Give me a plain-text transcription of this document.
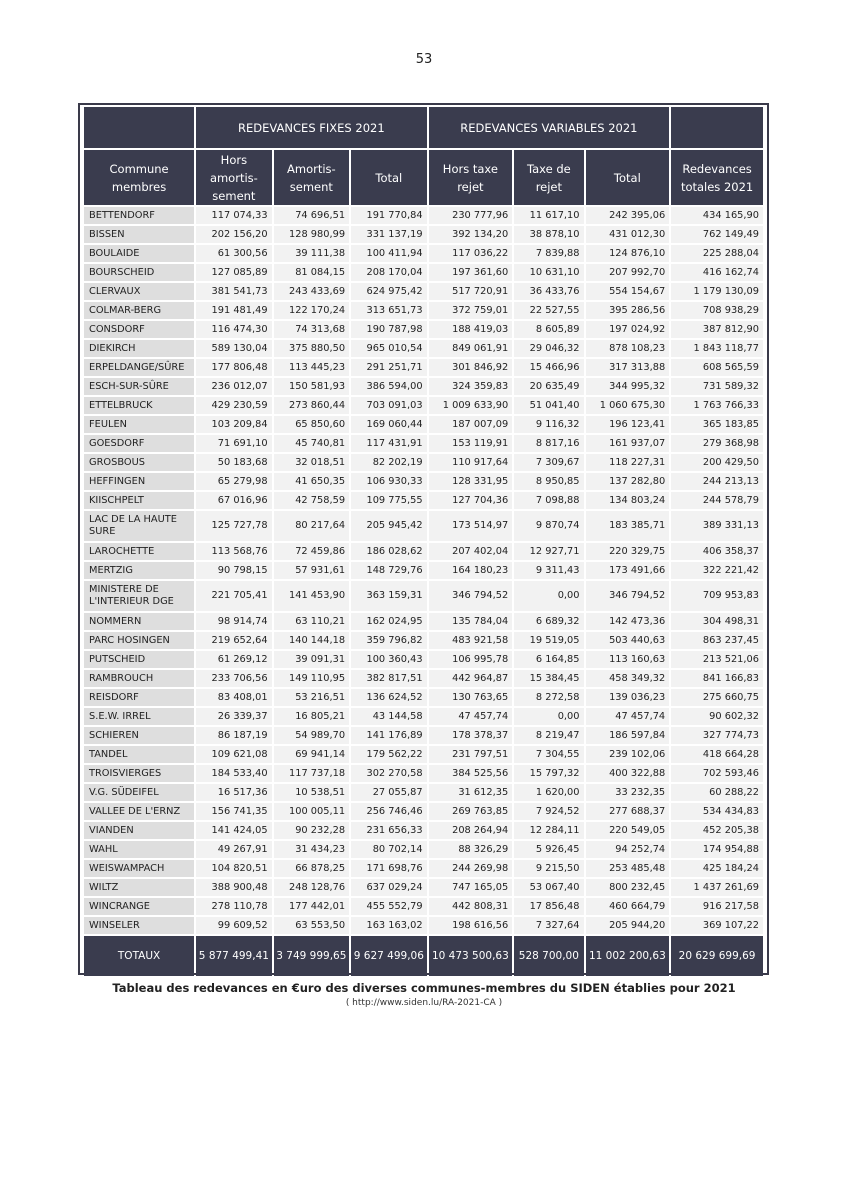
53
	REDEVANCES FIXES 2021			REDEVANCES VARIABLES 2021			
Commune membres	Hors amortis-sement	Amortis-sement	Total	Hors taxe rejet	Taxe de rejet	Total	Redevances totales 2021
BETTENDORF	117 074,33	74 696,51	191 770,84	230 777,96	11 617,10	242 395,06	434 165,90
BISSEN	202 156,20	128 980,99	331 137,19	392 134,20	38 878,10	431 012,30	762 149,49
BOULAIDE	61 300,56	39 111,38	100 411,94	117 036,22	7 839,88	124 876,10	225 288,04
BOURSCHEID	127 085,89	81 084,15	208 170,04	197 361,60	10 631,10	207 992,70	416 162,74
CLERVAUX	381 541,73	243 433,69	624 975,42	517 720,91	36 433,76	554 154,67	1 179 130,09
COLMAR-BERG	191 481,49	122 170,24	313 651,73	372 759,01	22 527,55	395 286,56	708 938,29
CONSDORF	116 474,30	74 313,68	190 787,98	188 419,03	8 605,89	197 024,92	387 812,90
DIEKIRCH	589 130,04	375 880,50	965 010,54	849 061,91	29 046,32	878 108,23	1 843 118,77
ERPELDANGE/SÛRE	177 806,48	113 445,23	291 251,71	301 846,92	15 466,96	317 313,88	608 565,59
ESCH-SUR-SÛRE	236 012,07	150 581,93	386 594,00	324 359,83	20 635,49	344 995,32	731 589,32
ETTELBRUCK	429 230,59	273 860,44	703 091,03	1 009 633,90	51 041,40	1 060 675,30	1 763 766,33
FEULEN	103 209,84	65 850,60	169 060,44	187 007,09	9 116,32	196 123,41	365 183,85
GOESDORF	71 691,10	45 740,81	117 431,91	153 119,91	8 817,16	161 937,07	279 368,98
GROSBOUS	50 183,68	32 018,51	82 202,19	110 917,64	7 309,67	118 227,31	200 429,50
HEFFINGEN	65 279,98	41 650,35	106 930,33	128 331,95	8 950,85	137 282,80	244 213,13
KIISCHPELT	67 016,96	42 758,59	109 775,55	127 704,36	7 098,88	134 803,24	244 578,79
LAC DE LA HAUTE SURE	125 727,78	80 217,64	205 945,42	173 514,97	9 870,74	183 385,71	389 331,13
LAROCHETTE	113 568,76	72 459,86	186 028,62	207 402,04	12 927,71	220 329,75	406 358,37
MERTZIG	90 798,15	57 931,61	148 729,76	164 180,23	9 311,43	173 491,66	322 221,42
MINISTERE DE L'INTERIEUR DGE	221 705,41	141 453,90	363 159,31	346 794,52	0,00	346 794,52	709 953,83
NOMMERN	98 914,74	63 110,21	162 024,95	135 784,04	6 689,32	142 473,36	304 498,31
PARC HOSINGEN	219 652,64	140 144,18	359 796,82	483 921,58	19 519,05	503 440,63	863 237,45
PUTSCHEID	61 269,12	39 091,31	100 360,43	106 995,78	6 164,85	113 160,63	213 521,06
RAMBROUCH	233 706,56	149 110,95	382 817,51	442 964,87	15 384,45	458 349,32	841 166,83
REISDORF	83 408,01	53 216,51	136 624,52	130 763,65	8 272,58	139 036,23	275 660,75
S.E.W. IRREL	26 339,37	16 805,21	43 144,58	47 457,74	0,00	47 457,74	90 602,32
SCHIEREN	86 187,19	54 989,70	141 176,89	178 378,37	8 219,47	186 597,84	327 774,73
TANDEL	109 621,08	69 941,14	179 562,22	231 797,51	7 304,55	239 102,06	418 664,28
TROISVIERGES	184 533,40	117 737,18	302 270,58	384 525,56	15 797,32	400 322,88	702 593,46
V.G. SÜDEIFEL	16 517,36	10 538,51	27 055,87	31 612,35	1 620,00	33 232,35	60 288,22
VALLEE DE L'ERNZ	156 741,35	100 005,11	256 746,46	269 763,85	7 924,52	277 688,37	534 434,83
VIANDEN	141 424,05	90 232,28	231 656,33	208 264,94	12 284,11	220 549,05	452 205,38
WAHL	49 267,91	31 434,23	80 702,14	88 326,29	5 926,45	94 252,74	174 954,88
WEISWAMPACH	104 820,51	66 878,25	171 698,76	244 269,98	9 215,50	253 485,48	425 184,24
WILTZ	388 900,48	248 128,76	637 029,24	747 165,05	53 067,40	800 232,45	1 437 261,69
WINCRANGE	278 110,78	177 442,01	455 552,79	442 808,31	17 856,48	460 664,79	916 217,58
WINSELER	99 609,52	63 553,50	163 163,02	198 616,56	7 327,64	205 944,20	369 107,22
TOTAUX	5 877 499,41	3 749 999,65	9 627 499,06	10 473 500,63	528 700,00	11 002 200,63	20 629 699,69
Tableau des redevances en €uro des diverses communes-membres du SIDEN établies pour 2021
( http://www.siden.lu/RA-2021-CA )
